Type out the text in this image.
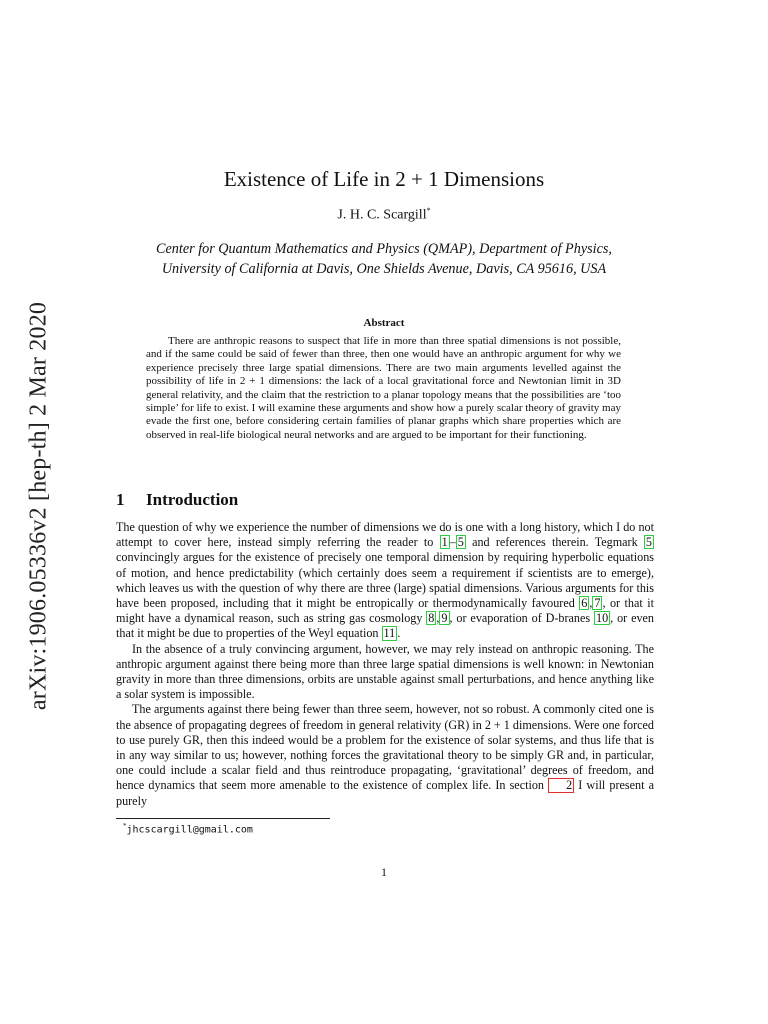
arXiv:1906.05336v2 [hep-th] 2 Mar 2020
Existence of Life in 2 + 1 Dimensions
J. H. C. Scargill*
Center for Quantum Mathematics and Physics (QMAP), Department of Physics,
University of California at Davis, One Shields Avenue, Davis, CA 95616, USA
Abstract
There are anthropic reasons to suspect that life in more than three spatial dimensions is not possible, and if the same could be said of fewer than three, then one would have an anthropic argument for why we experience precisely three large spatial dimensions. There are two main arguments levelled against the possibility of life in 2 + 1 dimensions: the lack of a local gravitational force and Newtonian limit in 3D general relativity, and the claim that the restriction to a planar topology means that the possibilities are ‘too simple’ for life to exist. I will examine these arguments and show how a purely scalar theory of gravity may evade the first one, before considering certain families of planar graphs which share properties which are observed in real-life biological neural networks and are argued to be important for their functioning.
1 Introduction

The question of why we experience the number of dimensions we do is one with a long history, which I do not attempt to cover here, instead simply referring the reader to 1 – 5 and references therein. Tegmark 5 convincingly argues for the existence of precisely one temporal dimension by requiring hyperbolic equations of motion, and hence predictability (which certainly does seem a requirement if scientists are to emerge), which leaves us with the question of why there are three (large) spatial dimensions. Various arguments for this have been proposed, including that it might be entropically or thermodynamically favoured 6 , 7 , or that it might have a dynamical reason, such as string gas cosmology 8 , 9 , or evaporation of D-branes 10 , or even that it might be due to properties of the Weyl equation 11 .

In the absence of a truly convincing argument, however, we may rely instead on anthropic reasoning. The anthropic argument against there being more than three large spatial dimensions is well known: in Newtonian gravity in more than three dimensions, orbits are unstable against small perturbations, and hence anything like a solar system is impossible.

The arguments against there being fewer than three seem, however, not so robust. A commonly cited one is the absence of propagating degrees of freedom in general relativity (GR) in 2 + 1 dimensions. Were one forced to use purely GR, then this indeed would be a problem for the existence of solar systems, and thus life that is in any way similar to us; however, nothing forces the gravitational theory to be simply GR and, in particular, one could include a scalar field and thus reintroduce propagating, ‘gravitational’ degrees of freedom, and hence dynamics that seem more amenable to the existence of complex life. In section 2 I will present a purely

*jhcscargill@gmail.com
1
